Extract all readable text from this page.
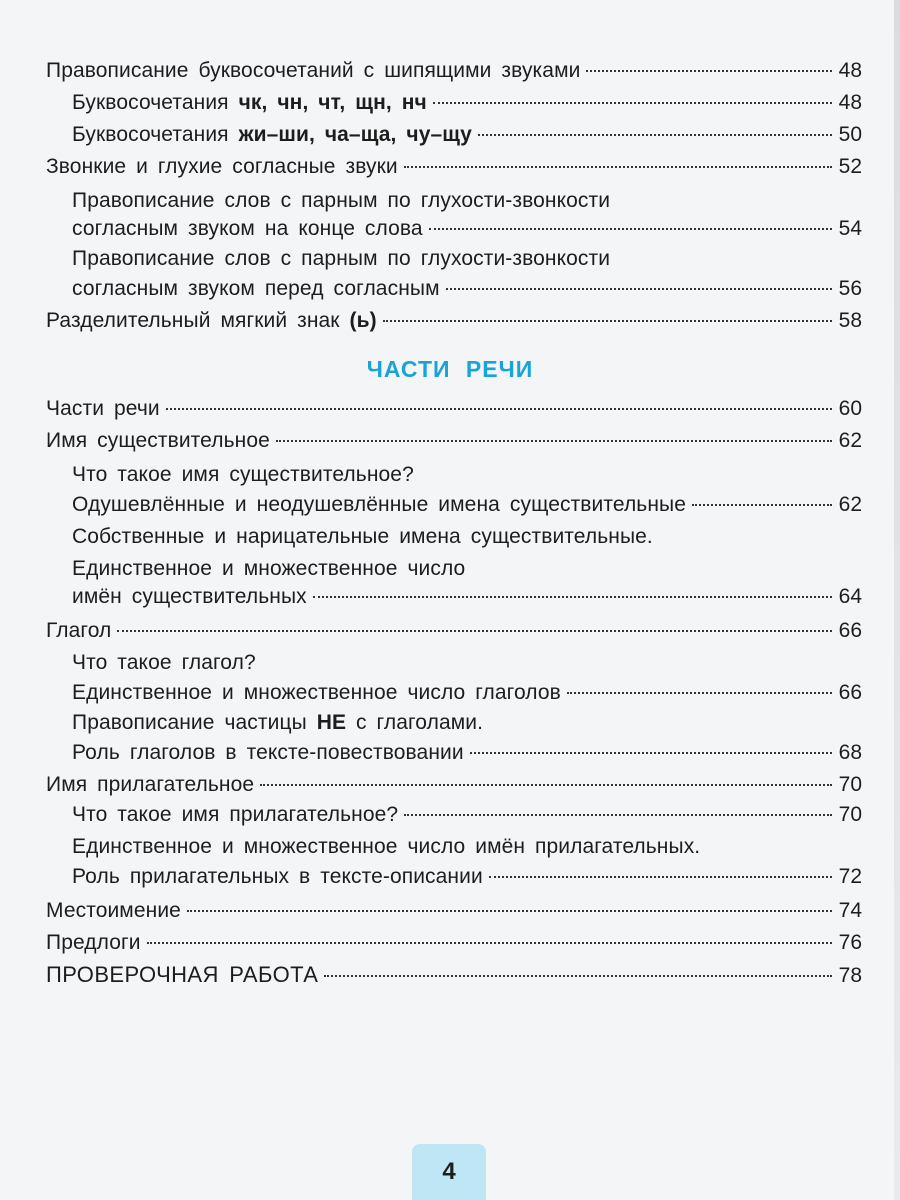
Правописание буквосочетаний с шипящими звуками	48
Буквосочетания чк, чн, чт, щн, нч	48
Буквосочетания жи–ши, ча–ща, чу–щу	50
Звонкие и глухие согласные звуки	52
Правописание слов с парным по глухости-звонкости
согласным звуком на конце слова	54
Правописание слов с парным по глухости-звонкости
согласным звуком перед согласным	56
Разделительный мягкий знак (ь)	58
ЧАСТИ РЕЧИ
Части речи	60
Имя существительное	62
Что такое имя существительное?
Одушевлённые и неодушевлённые имена существительные	62
Собственные и нарицательные имена существительные.
Единственное и множественное число
имён существительных	64
Глагол	66
Что такое глагол?
Единственное и множественное число глаголов	66
Правописание частицы НЕ с глаголами.
Роль глаголов в тексте-повествовании	68
Имя прилагательное	70
Что такое имя прилагательное?	70
Единственное и множественное число имён прилагательных.
Роль прилагательных в тексте-описании	72
Местоимение	74
Предлоги	76
ПРОВЕРОЧНАЯ РАБОТА	78
4
